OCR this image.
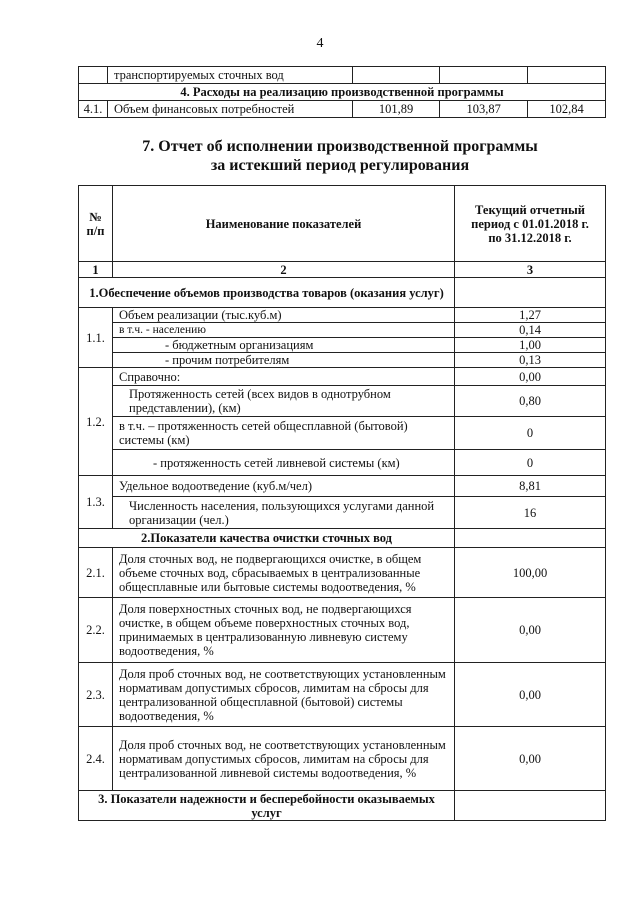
4
	транспортируемых сточных вод			
4. Расходы на реализацию производственной программы				
4.1.	Объем финансовых потребностей	101,89	103,87	102,84
7. Отчет об исполнении производственной программы
за истекший период регулирования
№
п/п	Наименование показателей	Текущий отчетный
период с 01.01.2018 г.
по 31.12.2018 г.
1	2	3
1.Обеспечение объемов производства товаров (оказания услуг)		
1.1.	Объем реализации (тыс.куб.м)	1,27
	в т.ч. - населению	0,14
	- бюджетным организациям	1,00
	- прочим потребителям	0,13
1.2.	Справочно:	0,00
	Протяженность сетей (всех видов в однотрубном представлении), (км)	0,80
	в т.ч. – протяженность сетей общесплавной (бытовой) системы (км)	0
	- протяженность сетей ливневой системы (км)	0
1.3.	Удельное водоотведение (куб.м/чел)	8,81
	Численность населения, пользующихся услугами данной организации (чел.)	16
2.Показатели качества очистки сточных вод		
2.1.	Доля сточных вод, не подвергающихся очистке, в общем объеме сточных вод, сбрасываемых в централизованные общесплавные или бытовые системы водоотведения, %	100,00
2.2.	Доля поверхностных сточных вод, не подвергающихся очистке, в общем объеме поверхностных сточных вод, принимаемых в централизованную ливневую систему водоотведения, %	0,00
2.3.	Доля проб сточных вод, не соответствующих установленным нормативам допустимых сбросов, лимитам на сбросы для централизованной общесплавной (бытовой) системы водоотведения, %	0,00
2.4.	Доля проб сточных вод, не соответствующих установленным нормативам допустимых сбросов, лимитам на сбросы для централизованной ливневой системы водоотведения, %	0,00
3. Показатели надежности и бесперебойности оказываемых услуг		
